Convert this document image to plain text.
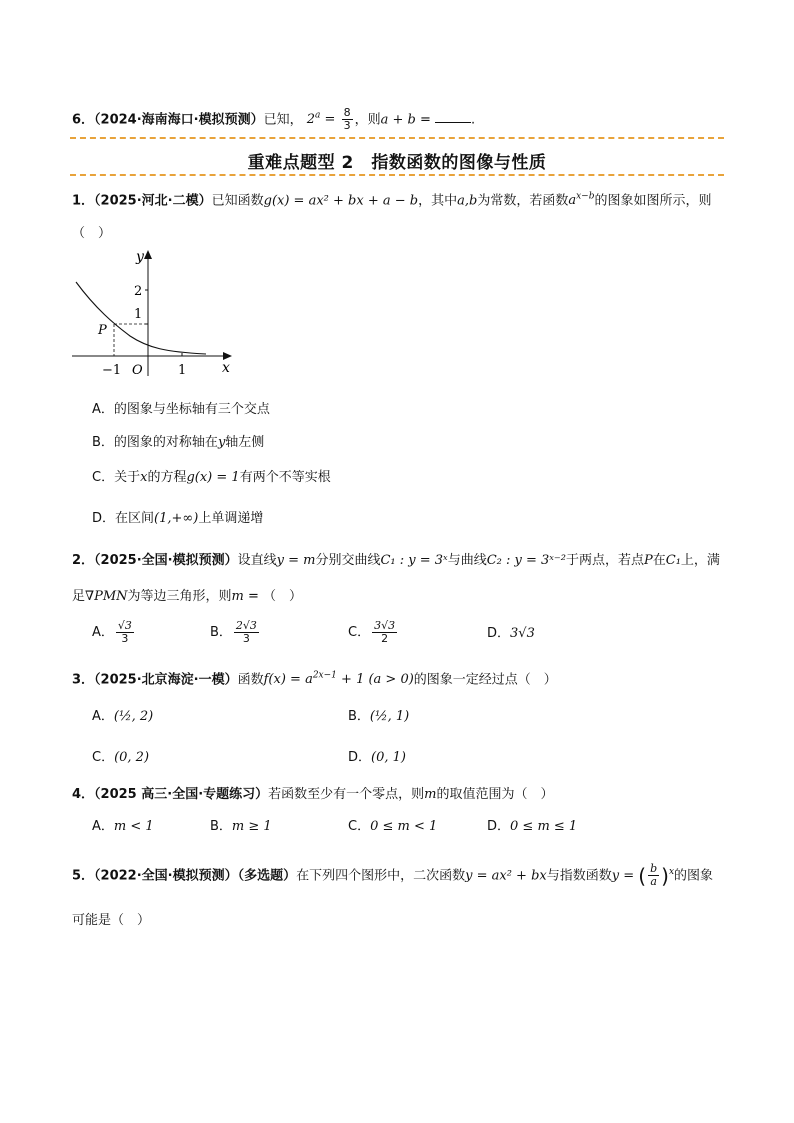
6．（2024·海南海口·模拟预测）已知， $2^a = \frac{8}{3}$ ，则a + b =	.
重难点题型 2　指数函数的图像与性质
1．（2025·河北·二模）已知函数g(x) = ax² + bx + a − b，其中a,b为常数，若函数$a^{x-b}$的图象如图所示，则
（　）
y
x
O
P
2
1
−1	1
A．的图象与坐标轴有三个交点
B．的图象的对称轴在y轴左侧
C．关于x的方程g(x) = 1有两个不等实根
D．在区间(1,+∞)上单调递增
2．（2025·全国·模拟预测）设直线y = m分别交曲线C₁ : y = 3ˣ与曲线C₂ : y = 3ˣ⁻²于两点，若点P在C₁上，满
足∇PMN为等边三角形，则m = （　）
A． $\frac{√3}{3}$	B． $\frac{2√3}{3}$	C． $\frac{3√3}{2}$	D．3√3
3．（2025·北京海淀·一模）函数$f(x) = a^{2x-1} + 1$ (a > 0)的图象一定经过点（　）
A．(½, 2)	B．(½, 1)
C．(0, 2)	D．(0, 1)
4．（2025 高三·全国·专题练习）若函数至少有一个零点，则m的取值范围为（　）
A．m < 1	B．m ≥ 1	C．0 ≤ m < 1	D．0 ≤ m ≤ 1
5．（2022·全国·模拟预测）（多选题）在下列四个图形中，二次函数y = ax² + bx与指数函数y = ( $\frac{b}{a} )^x$的图象
可能是（　）
